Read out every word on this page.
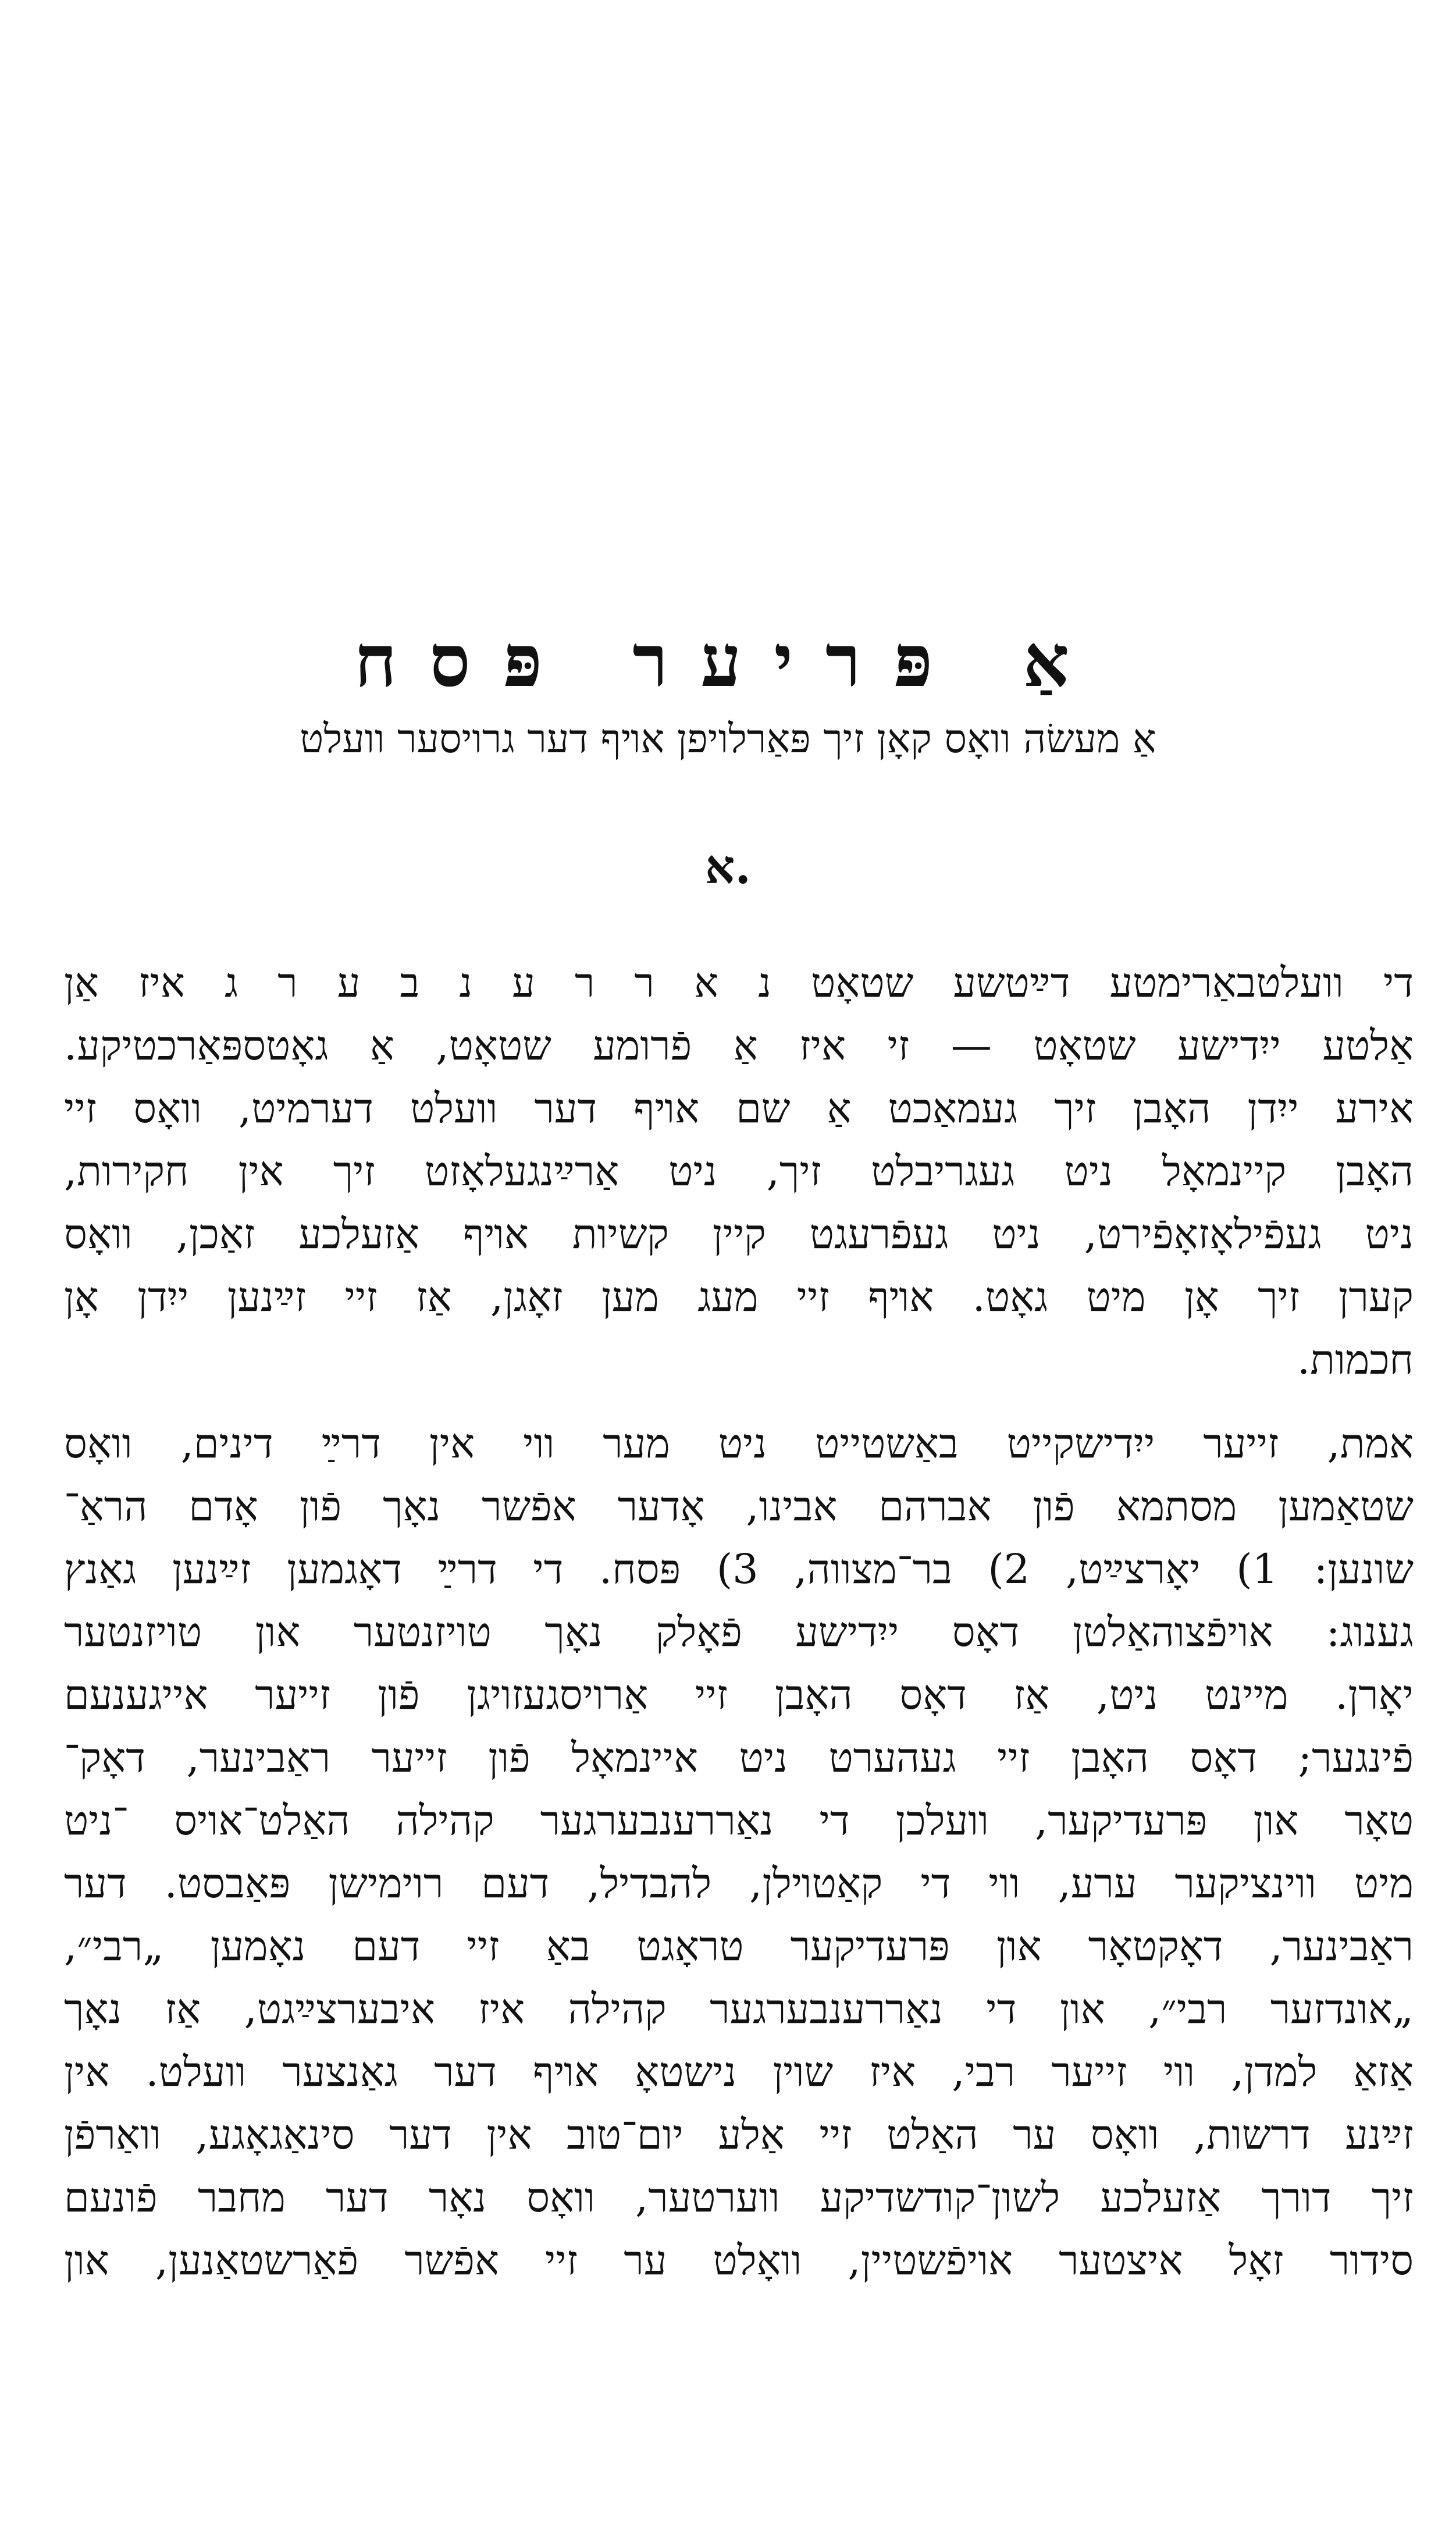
אַ פּריער פּסח
אַ מעשׂה וואָס קאָן זיך פּאַרלויפן אױף דער גרויסער וועלט
א.
די וועלטבאַרימטע דײַטשע שטאָט נ א ר ר ע נ ב ע ר ג איז אַן
אַלטע ייִדישע שטאָט — זי איז אַ פֿרומע שטאָט, אַ גאָטספּאַרכטיקע.
אירע ייִדן האָבן זיך געמאַכט אַ שם אױף דער וועלט דערמיט, וואָס זיי
האָבן קיינמאָל ניט געגריבלט זיך, ניט אַרײַנגעלאָזט זיך אין חקירות,
ניט געפֿילאָזאָפֿירט, ניט געפֿרעגט קיין קשיות אױף אַזעלכע זאַכן, וואָס
קערן זיך אָן מיט גאָט. אױף זיי מעג מען זאָגן, אַז זיי זײַנען ייִדן אָן
חכמות.
אמת, זייער ייִדישקייט באַשטייט ניט מער ווי אין דרײַ דינים, וואָס
שטאַמען מסתמא פֿון אברהם אבינו, אָדער אפֿשר נאָך פֿון אָדם הראַ־
שונען: 1) יאָרצײַט, 2) בר־מצווה, 3) פּסח. די דרײַ דאָגמען זײַנען גאַנץ
גענוג: אויפֿצוהאַלטן דאָס ייִדישע פֿאָלק נאָך טויזנטער און טויזנטער
יאָרן. מיינט ניט, אַז דאָס האָבן זיי אַרויסגעזויגן פֿון זייער אייגענעם
פֿינגער; דאָס האָבן זיי געהערט ניט איינמאָל פֿון זייער ראַבינער, דאָק־
טאָר און פּרעדיקער, וועלכן די נאַררענבערגער קהילה האַלט־אויס ־ניט
מיט ווינציקער ערע, ווי די קאַטױלן, להבדיל, דעם רוימישן פּאַבסט. דער
ראַבינער, דאָקטאָר און פּרעדיקער טראָגט באַ זיי דעם נאָמען „רבי״,
„אונדזער רבי״, און די נאַררענבערגער קהילה איז איבערצײַגט, אַז נאָך
אַזאַ למדן, ווי זייער רבי, איז שוין נישטאָ אױף דער גאַנצער וועלט. אין
זײַנע דרשות, וואָס ער האַלט זיי אַלע יום־טוב אין דער סינאַגאָגע, וואַרפֿן
זיך דורך אַזעלכע לשון־קודשדיקע ווערטער, וואָס נאָר דער מחבר פֿונעם
סידור זאָל איצטער אויפֿשטיין, וואָלט ער זיי אפֿשר פֿאַרשטאַנען, און
